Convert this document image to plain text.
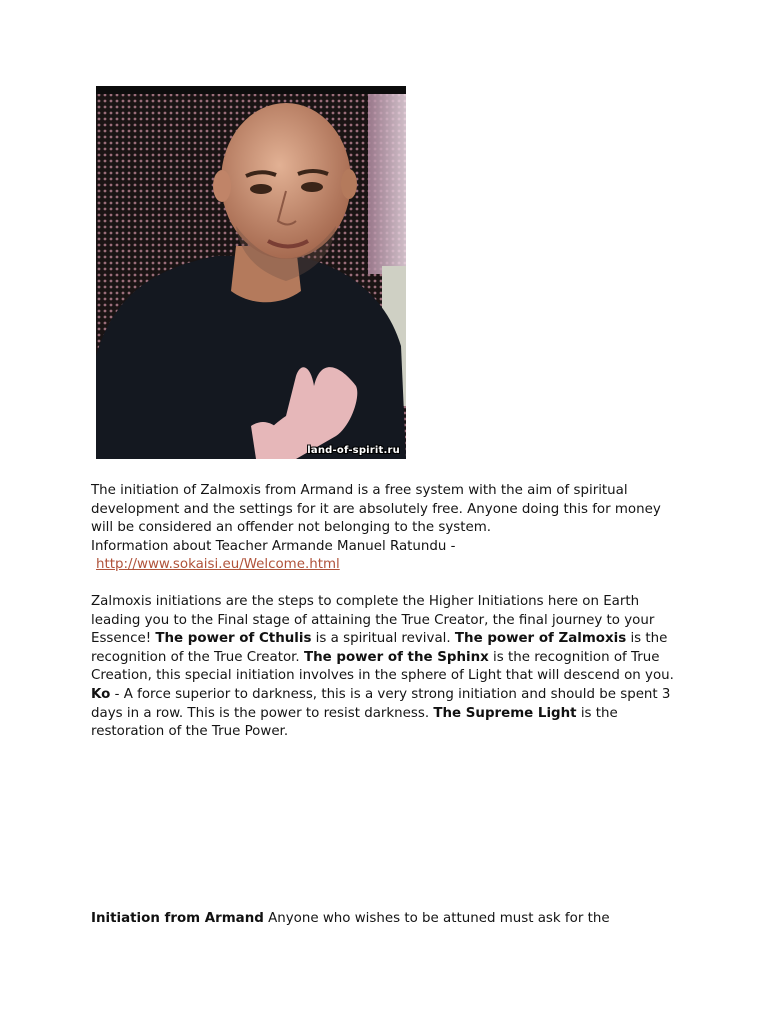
land-of-spirit.ru
The initiation of Zalmoxis from Armand is a free system with the aim of spiritual development and the settings for it are absolutely free. Anyone doing this for money will be considered an offender not belonging to the system.
Information about Teacher Armande Manuel Ratundu -
http://www.sokaisi.eu/Welcome.html
Zalmoxis initiations are the steps to complete the Higher Initiations here on Earth leading you to the Final stage of attaining the True Creator, the final journey to your Essence! The power of Cthulis is a spiritual revival. The power of Zalmoxis is the recognition of the True Creator. The power of the Sphinx is the recognition of True Creation, this special initiation involves in the sphere of Light that will descend on you. Ko - A force superior to darkness, this is a very strong initiation and should be spent 3 days in a row. This is the power to resist darkness. The Supreme Light is the restoration of the True Power.
Initiation from Armand Anyone who wishes to be attuned must ask for the
